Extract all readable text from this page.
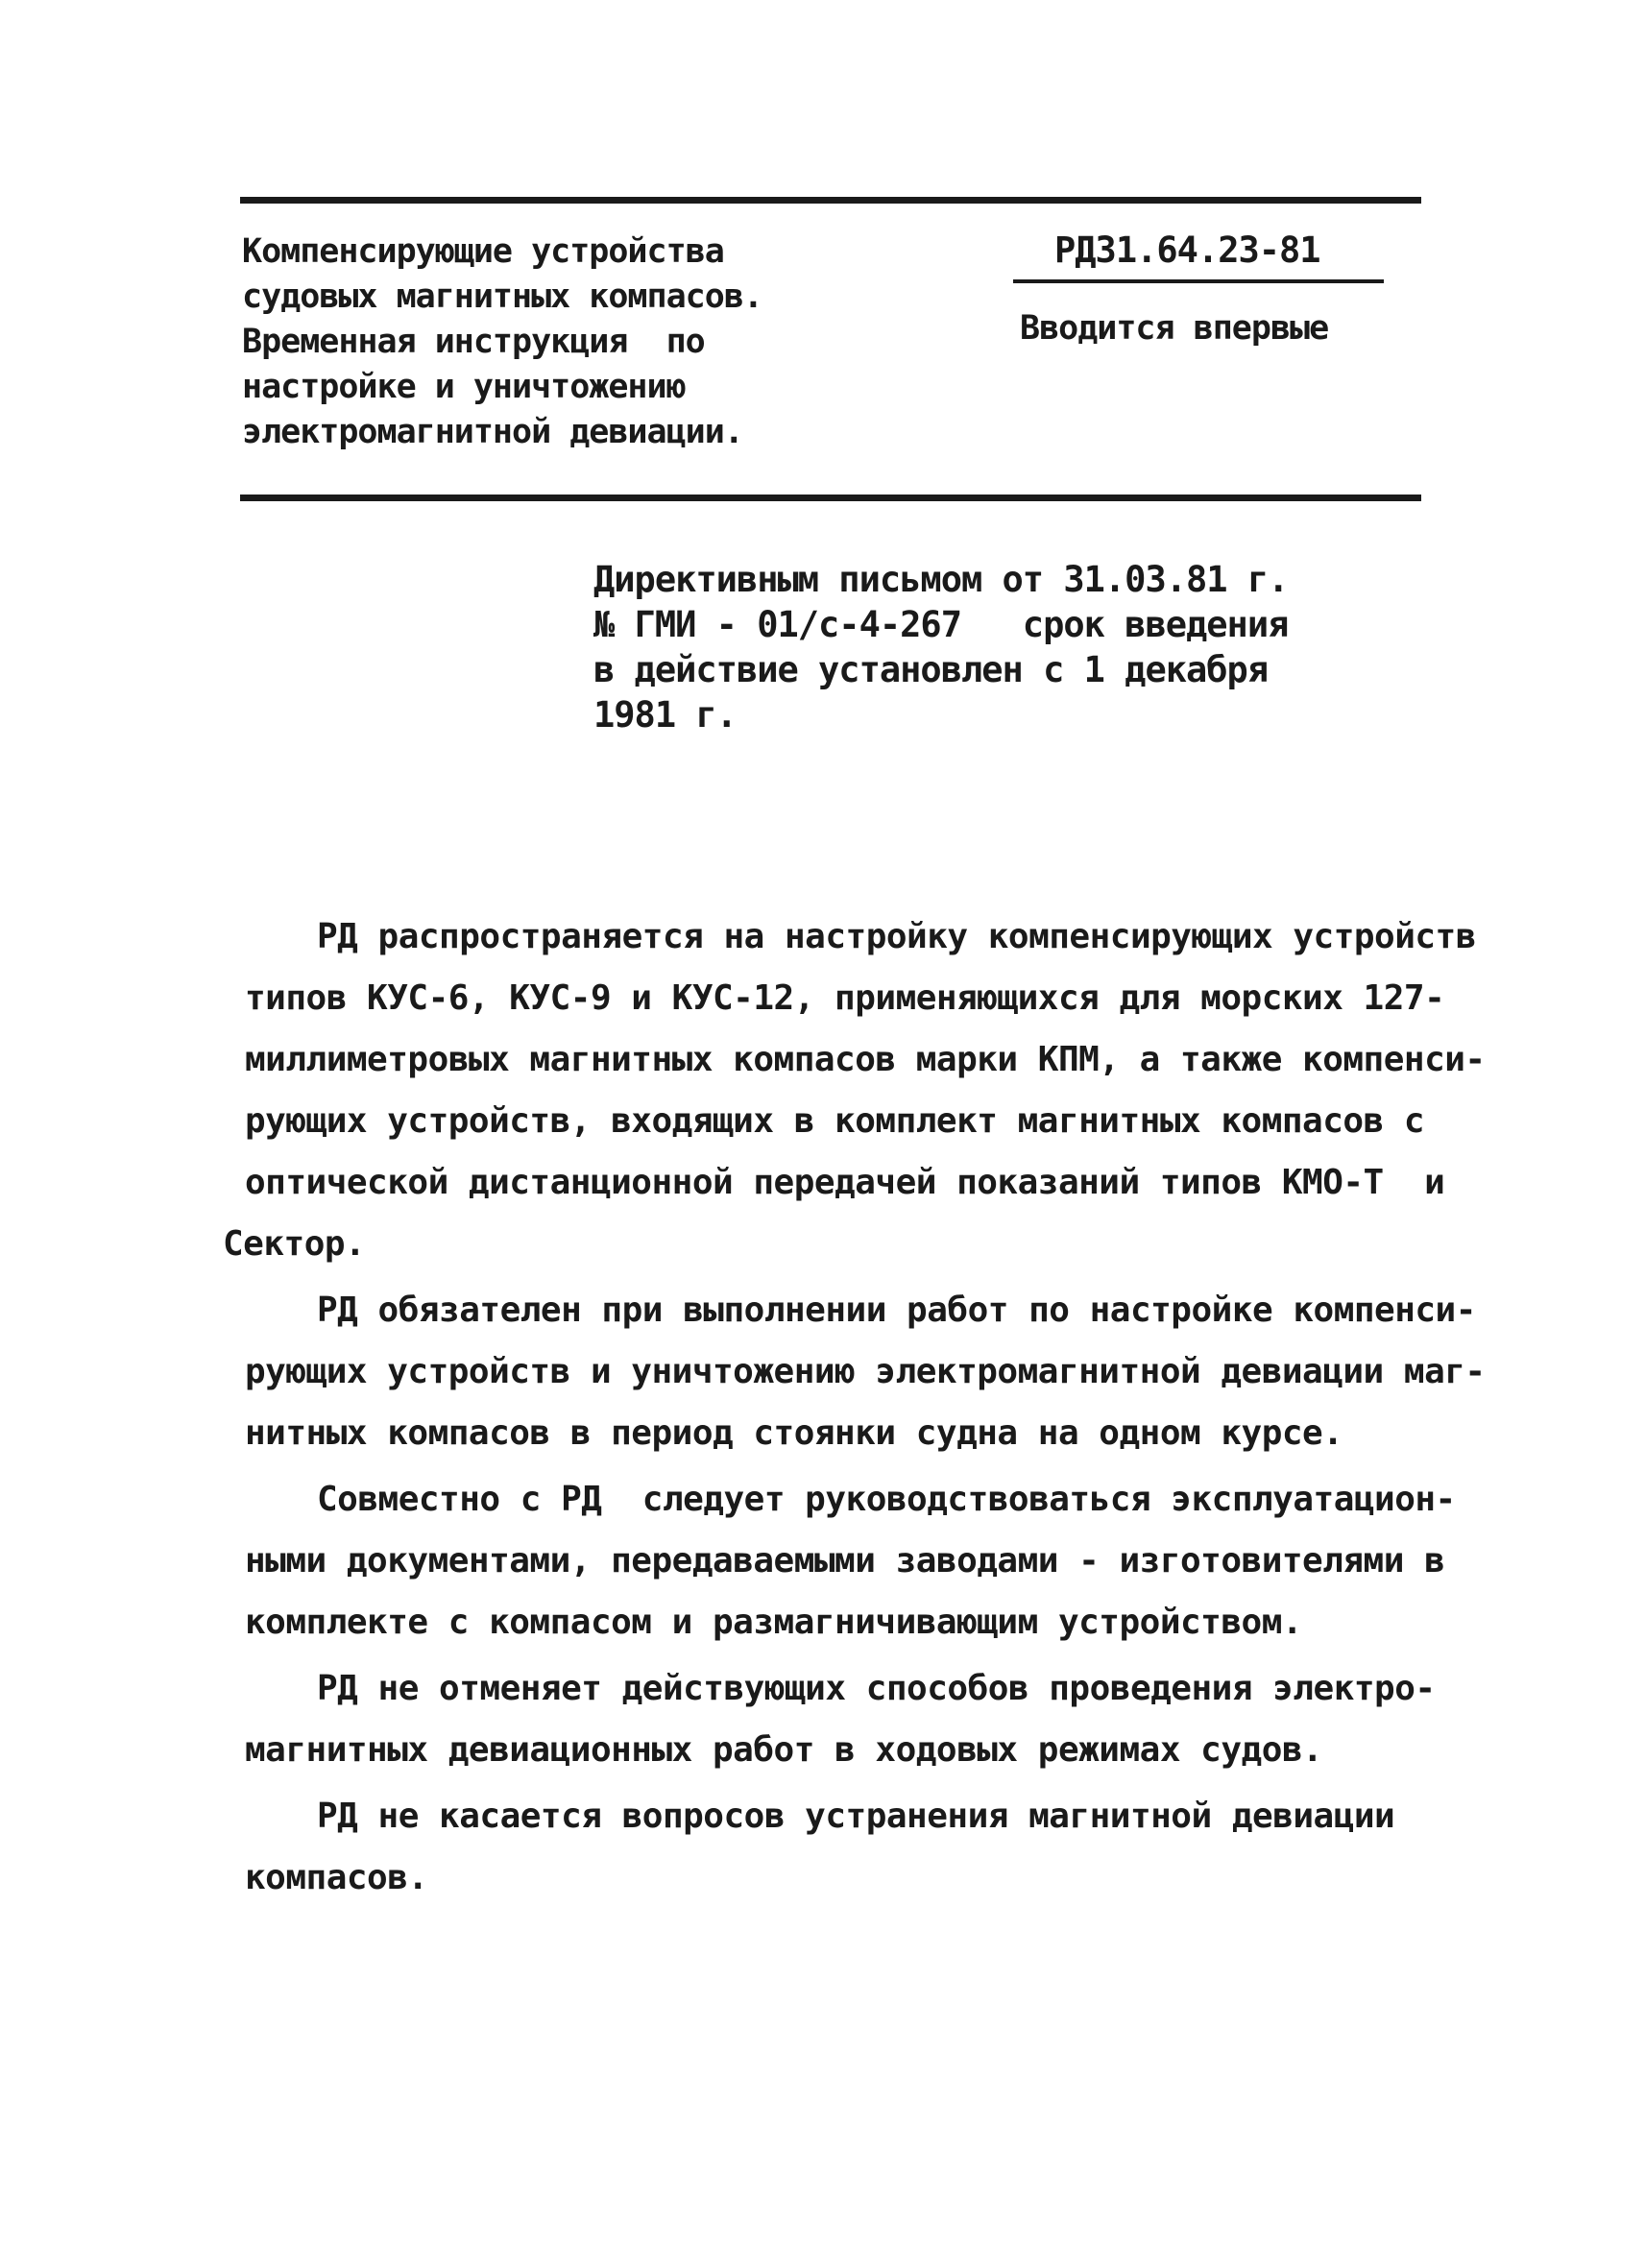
Компенсирующие устройства
судовых магнитных компасов.
Временная инструкция  по
настройке и уничтожению
электромагнитной девиации.
РД31.64.23-81
Вводится впервые
Директивным письмом от 31.03.81 г.
№ ГМИ - 01/с-4-267   срок введения
в действие установлен с 1 декабря
1981 г.
РД распространяется на настройку компенсирующих устройств
типов КУС-6, КУС-9 и КУС-12, применяющихся для морских 127-
миллиметровых магнитных компасов марки КПМ, а также компенси-
рующих устройств, входящих в комплект магнитных компасов с
оптической дистанционной передачей показаний типов КМО-Т  и
Сектор.
РД обязателен при выполнении работ по настройке компенси-
рующих устройств и уничтожению электромагнитной девиации маг-
нитных компасов в период стоянки судна на одном курсе.
Совместно с РД  следует руководствоваться эксплуатацион-
ными документами, передаваемыми заводами - изготовителями в
комплекте с компасом и размагничивающим устройством.
РД не отменяет действующих способов проведения электро-
магнитных девиационных работ в ходовых режимах судов.
РД не касается вопросов устранения магнитной девиации
компасов.
